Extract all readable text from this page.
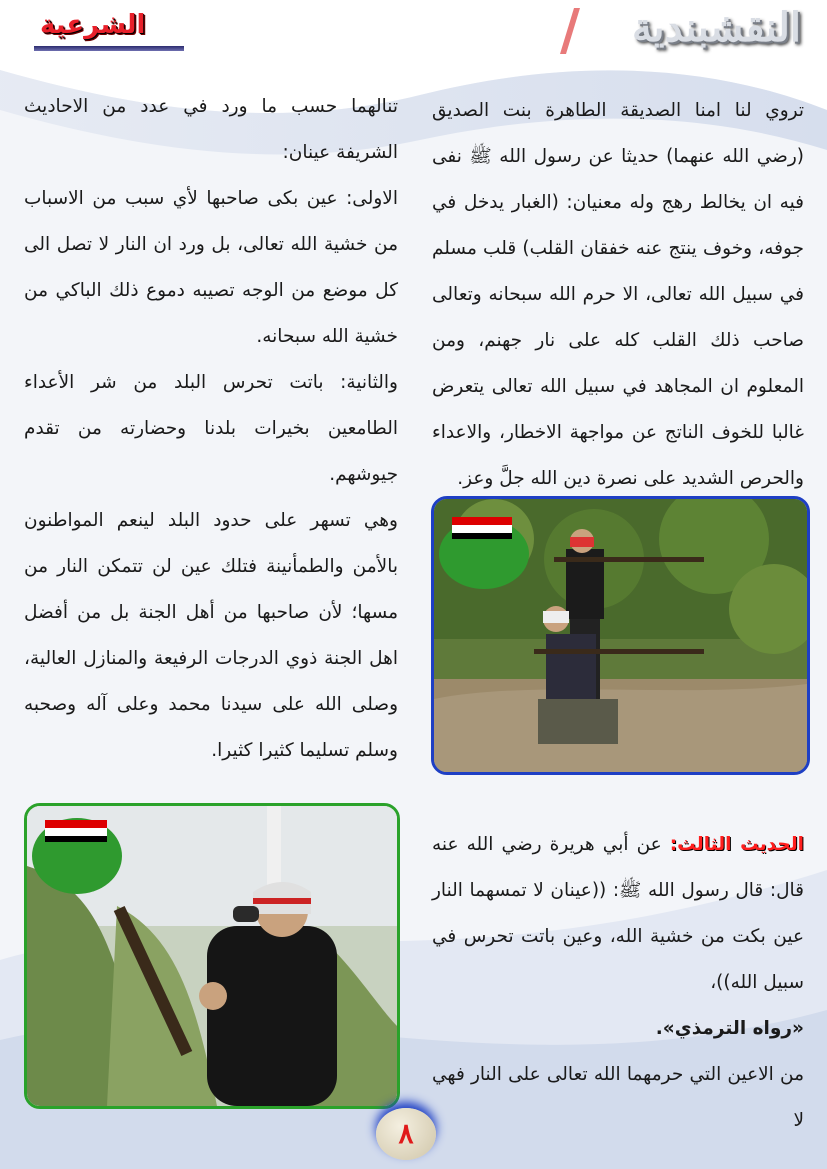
النقشبندية
الشرعية

تروي لنا امنا الصديقة الطاهرة بنت الصديق (رضي الله عنهما) حديثا عن رسول الله ﷺ نفى فيه ان يخالط رهج وله معنيان: (الغبار يدخل في جوفه، وخوف ينتج عنه خفقان القلب) قلب مسلم في سبيل الله تعالى، الا حرم الله سبحانه وتعالى صاحب ذلك القلب كله على نار جهنم، ومن المعلوم ان المجاهد في سبيل الله تعالى يتعرض غالبا للخوف الناتج عن مواجهة الاخطار، والاعداء والحرص الشديد على نصرة دين الله جلَّ وعز.

الحديث الثالث: عن أبي هريرة رضي الله عنه قال: قال رسول الله ﷺ: ((عينان لا تمسهما النار عين بكت من خشية الله، وعين باتت تحرس في سبيل الله))،

«رواه الترمذي».

من الاعين التي حرمهما الله تعالى على النار فهي لا

تنالهما حسب ما ورد في عدد من الاحاديث الشريفة عينان:

الاولى: عين بكى صاحبها لأي سبب من الاسباب من خشية الله تعالى، بل ورد ان النار لا تصل الى كل موضع من الوجه تصيبه دموع ذلك الباكي من خشية الله سبحانه.

والثانية: باتت تحرس البلد من شر الأعداء الطامعين بخيرات بلدنا وحضارته من تقدم جيوشهم.

وهي تسهر على حدود البلد لينعم المواطنون بالأمن والطمأنينة فتلك عين لن تتمكن النار من مسها؛ لأن صاحبها من أهل الجنة بل من أفضل اهل الجنة ذوي الدرجات الرفيعة والمنازل العالية، وصلى الله على سيدنا محمد وعلى آله وصحبه وسلم تسليما كثيرا كثيرا.

٨
